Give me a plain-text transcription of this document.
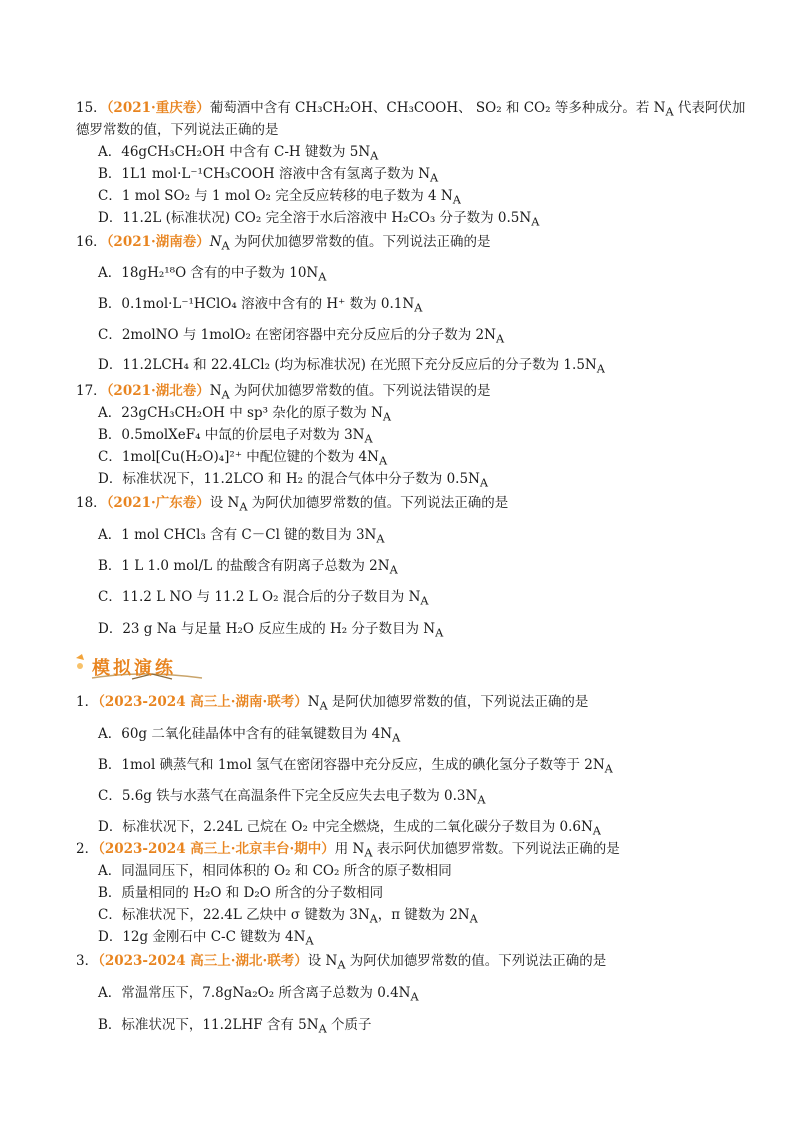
15．（2021·重庆卷）葡萄酒中含有 CH₃CH₂OH、CH₃COOH、 SO₂ 和 CO₂ 等多种成分。若 $N_A$ 代表阿伏加
德罗常数的值，下列说法正确的是
A．46gCH₃CH₂OH 中含有 C-H 键数为 $5N_A$
B．1L1 mol·L⁻¹CH₃COOH 溶液中含有氢离子数为 $N_A$
C．1 mol SO₂ 与 1 mol O₂ 完全反应转移的电子数为 4 $N_A$
D．11.2L (标准状况) CO₂ 完全溶于水后溶液中 H₂CO₃ 分子数为 $0.5N_A$
16．（2021·湖南卷）$N_A$ 为阿伏加德罗常数的值。下列说法正确的是
A．18gH₂¹⁸O 含有的中子数为 $10N_A$
B．0.1mol·L⁻¹HClO₄ 溶液中含有的 H⁺ 数为 $0.1N_A$
C．2molNO 与 1molO₂ 在密闭容器中充分反应后的分子数为 $2N_A$
D．11.2LCH₄ 和 22.4LCl₂ (均为标准状况) 在光照下充分反应后的分子数为 $1.5N_A$
17．（2021·湖北卷）$N_A$ 为阿伏加德罗常数的值。下列说法错误的是
A．23gCH₃CH₂OH 中 sp³ 杂化的原子数为 $N_A$
B．0.5molXeF₄ 中氙的价层电子对数为 $3N_A$
C．1mol[Cu(H₂O)₄]²⁺ 中配位键的个数为 $4N_A$
D．标准状况下，11.2LCO 和 H₂ 的混合气体中分子数为 $0.5N_A$
18．（2021·广东卷）设 $N_A$ 为阿伏加德罗常数的值。下列说法正确的是
A．1 mol CHCl₃ 含有 C－Cl 键的数目为 $3N_A$
B．1 L 1.0 mol/L 的盐酸含有阴离子总数为 $2N_A$
C．11.2 L NO 与 11.2 L O₂ 混合后的分子数目为 $N_A$
D．23 g Na 与足量 H₂O 反应生成的 H₂ 分子数目为 $N_A$
模拟演练
1．（2023-2024 高三上·湖南·联考）$N_A$ 是阿伏加德罗常数的值，下列说法正确的是
A．60g 二氧化硅晶体中含有的硅氧键数目为 $4N_A$
B．1mol 碘蒸气和 1mol 氢气在密闭容器中充分反应，生成的碘化氢分子数等于 $2N_A$
C．5.6g 铁与水蒸气在高温条件下完全反应失去电子数为 $0.3N_A$
D．标准状况下，2.24L 己烷在 O₂ 中完全燃烧，生成的二氧化碳分子数目为 $0.6N_A$
2．（2023-2024 高三上·北京丰台·期中）用 $N_A$ 表示阿伏加德罗常数。下列说法正确的是
A．同温同压下，相同体积的 O₂ 和 CO₂ 所含的原子数相同
B．质量相同的 H₂O 和 D₂O 所含的分子数相同
C．标准状况下，22.4L 乙炔中 σ 键数为 $3N_A$，π 键数为 $2N_A$
D．12g 金刚石中 C-C 键数为 $4N_A$
3．（2023-2024 高三上·湖北·联考）设 $N_A$ 为阿伏加德罗常数的值。下列说法正确的是
A．常温常压下，7.8gNa₂O₂ 所含离子总数为 $0.4N_A$
B．标准状况下，11.2LHF 含有 $5N_A$ 个质子
